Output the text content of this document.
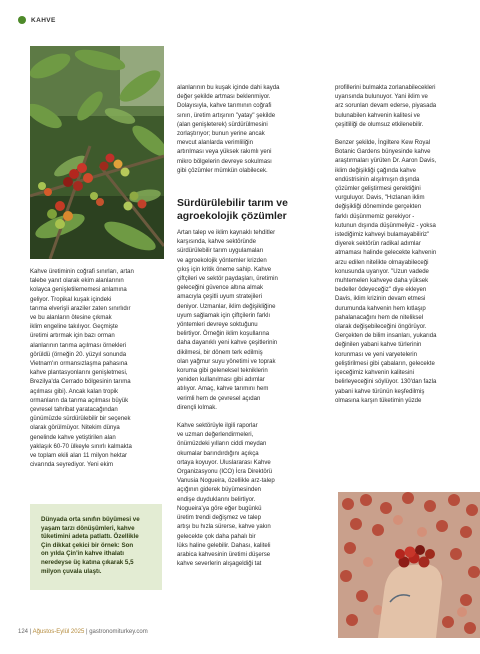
KAHVE

Kahve üretiminin coğrafi sınırları, artan
talebe yanıt olarak ekim alanlarının
kolayca genişletilememesi anlamına
geliyor. Tropikal kuşak içindeki
tarıma elverişli araziler zaten sınırlıdır
ve bu alanların ötesine çıkmak
iklim engeline takılıyor. Geçmişte
üretimi artırmak için bazı orman
alanlarının tarıma açılması örnekleri
görüldü (örneğin 20. yüzyıl sonunda
Vietnam'ın ormansızlaşma pahasına
kahve plantasyonlarını genişletmesi,
Brezilya'da Cerrado bölgesinin tarıma
açılması gibi). Ancak kalan tropik
ormanların da tarıma açılması büyük
çevresel tahribat yaratacağından
günümüzde sürdürülebilir bir seçenek
olarak görülmüyor. Nitekim dünya
genelinde kahve yetiştirilen alan
yaklaşık 60-70 ülkeyle sınırlı kalmakta
ve toplam ekili alan 11 milyon hektar
civarında seyrediyor. Yeni ekim

Dünyada orta sınıfın büyümesi ve
yaşam tarzı dönüşümleri, kahve
tüketimini adeta patlattı. Özellikle
Çin dikkat çekici bir örnek: Son
on yılda Çin'in kahve ithalatı
neredeyse üç katına çıkarak 5,5
milyon çuvala ulaştı.

alanlarının bu kuşak içinde dahi kayda
değer şekilde artması beklenmiyor.
Dolayısıyla, kahve tarımının coğrafi
sınırı, üretim artışının "yatay" şekilde
(alan genişleterek) sürdürülmesini
zorlaştırıyor; bunun yerine ancak
mevcut alanlarda verimliliğin
artırılması veya yüksek rakımlı yeni
mikro bölgelerin devreye sokulması
gibi çözümler mümkün olabilecek.

Sürdürülebilir tarım ve
agroekolojik çözümler

Artan talep ve iklim kaynaklı tehditler
karşısında, kahve sektöründe
sürdürülebilir tarım uygulamaları
ve agroekolojik yöntemler krizden
çıkış için kritik öneme sahip. Kahve
çiftçileri ve sektör paydaşları, üretimin
geleceğini güvence altına almak
amacıyla çeşitli uyum stratejileri
deniyor. Uzmanlar, iklim değişikliğine
uyum sağlamak için çiftçilerin farklı
yöntemleri devreye soktuğunu
belirtiyor. Örneğin iklim koşullarına
daha dayanıklı yeni kahve çeşitlerinin
dikilmesi, bir dönem terk edilmiş
olan yağmur suyu yönetimi ve toprak
koruma gibi geleneksel tekniklerin
yeniden kullanılması gibi adımlar
atılıyor. Amaç, kahve tarımını hem
verimli hem de çevresel açıdan
dirençli kılmak.

Kahve sektörüyle ilgili raporlar
ve uzman değerlendirmeleri,
önümüzdeki yılların ciddi meydan
okumalar barındırdığını açıkça
ortaya koyuyor. Uluslararası Kahve
Organizasyonu (ICO) İcra Direktörü
Vanusia Nogueira, özellikle arz-talep
açığının giderek büyümesinden
endişe duyduklarını belirtiyor.
Nogueira'ya göre eğer bugünkü
üretim trendi değişmez ve talep
artışı bu hızla sürerse, kahve yakın
gelecekte çok daha pahalı bir
lüks haline gelebilir. Dahası, kaliteli
arabica kahvesinin üretimi düşerse
kahve severlerin alışageldiği tat

profillerini bulmakta zorlanabilecekleri
uyarısında bulunuyor. Yani iklim ve
arz sorunları devam ederse, piyasada
bulunabilen kahvenin kalitesi ve
çeşitliliği de olumsuz etkilenebilir.

Benzer şekilde, İngiltere Kew Royal
Botanic Gardens bünyesinde kahve
araştırmaları yürüten Dr. Aaron Davis,
iklim değişikliği çağında kahve
endüstrisinin alışılmışın dışında
çözümler geliştirmesi gerektiğini
vurguluyor. Davis, "Hızlanan iklim
değişikliği döneminde gerçekten
farklı düşünmemiz gerekiyor -
kutunun dışında düşünmeliyiz - yoksa
istediğimiz kahveyi bulamayabiliriz"
diyerek sektörün radikal adımlar
atmaması halinde gelecekte kahvenin
arzu edilen nitelikte olmayabileceği
konusunda uyarıyor. "Uzun vadede
muhtemelen kahveye daha yüksek
bedeller ödeyeceğiz" diye ekleyen
Davis, iklim krizinin devam etmesi
durumunda kahvenin hem kıtlaşıp
pahalanacağını hem de nitelikseI
olarak değişebileceğini öngörüyor.
Gerçekten de bilim insanları, yukarıda
değinilen yabani kahve türlerinin
korunması ve yeni varyetelerin
geliştirilmesi gibi çabaların, gelecekte
içeceğimiz kahvenin kalitesini
belirleyeceğini söylüyor. 130'dan fazla
yabani kahve türünün keşfedilmiş
olmasına karşın tüketimin yüzde

124 | Ağustos-Eylül 2025 | gastronomiturkey.com
